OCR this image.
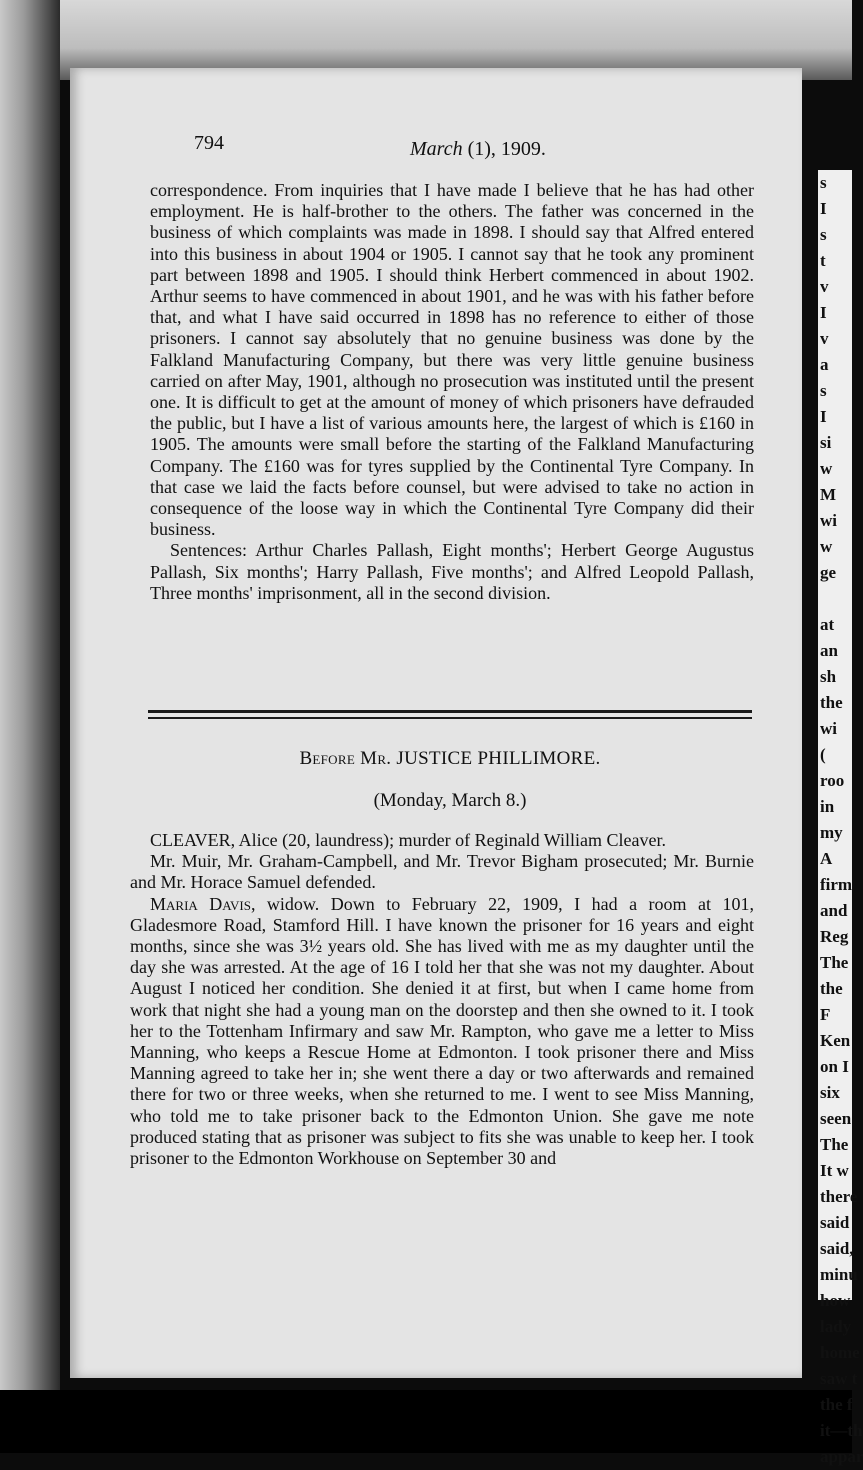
s
I
s
t
v
I
v
a
s
I
si
w
M
wi
w
ge

at
an
sh
the
wi
(
roo
in
my
A
firm
and
Reg
The
the
F
Ken
on I
six
seen
The
It w
there
said
said,
minu
how
lady
home
saw t
the f
it—th
appar
794	March (1), 1909.

correspondence. From inquiries that I have made I believe that he has had other employment. He is half-brother to the others. The father was concerned in the business of which complaints was made in 1898. I should say that Alfred entered into this business in about 1904 or 1905. I cannot say that he took any prominent part between 1898 and 1905. I should think Herbert commenced in about 1902. Arthur seems to have commenced in about 1901, and he was with his father before that, and what I have said occurred in 1898 has no reference to either of those prisoners. I cannot say absolutely that no genuine business was done by the Falkland Manufacturing Company, but there was very little genuine business carried on after May, 1901, although no prosecution was instituted until the present one. It is difficult to get at the amount of money of which prisoners have defrauded the public, but I have a list of various amounts here, the largest of which is £160 in 1905. The amounts were small before the starting of the Falkland Manufacturing Company. The £160 was for tyres supplied by the Continental Tyre Company. In that case we laid the facts before counsel, but were advised to take no action in consequence of the loose way in which the Continental Tyre Company did their business.

Sentences: Arthur Charles Pallash, Eight months'; Herbert George Augustus Pallash, Six months'; Harry Pallash, Five months'; and Alfred Leopold Pallash, Three months' imprisonment, all in the second division.

Before Mr. JUSTICE PHILLIMORE.
(Monday, March 8.)

CLEAVER, Alice (20, laundress); murder of Reginald William Cleaver.

Mr. Muir, Mr. Graham-Campbell, and Mr. Trevor Bigham prosecuted; Mr. Burnie and Mr. Horace Samuel defended.

Maria Davis, widow. Down to February 22, 1909, I had a room at 101, Gladesmore Road, Stamford Hill. I have known the prisoner for 16 years and eight months, since she was 3½ years old. She has lived with me as my daughter until the day she was arrested. At the age of 16 I told her that she was not my daughter. About August I noticed her condition. She denied it at first, but when I came home from work that night she had a young man on the doorstep and then she owned to it. I took her to the Tottenham Infirmary and saw Mr. Rampton, who gave me a letter to Miss Manning, who keeps a Rescue Home at Edmonton. I took prisoner there and Miss Manning agreed to take her in; she went there a day or two afterwards and remained there for two or three weeks, when she returned to me. I went to see Miss Manning, who told me to take prisoner back to the Edmonton Union. She gave me note produced stating that as prisoner was subject to fits she was unable to keep her. I took prisoner to the Edmonton Workhouse on September 30 and
